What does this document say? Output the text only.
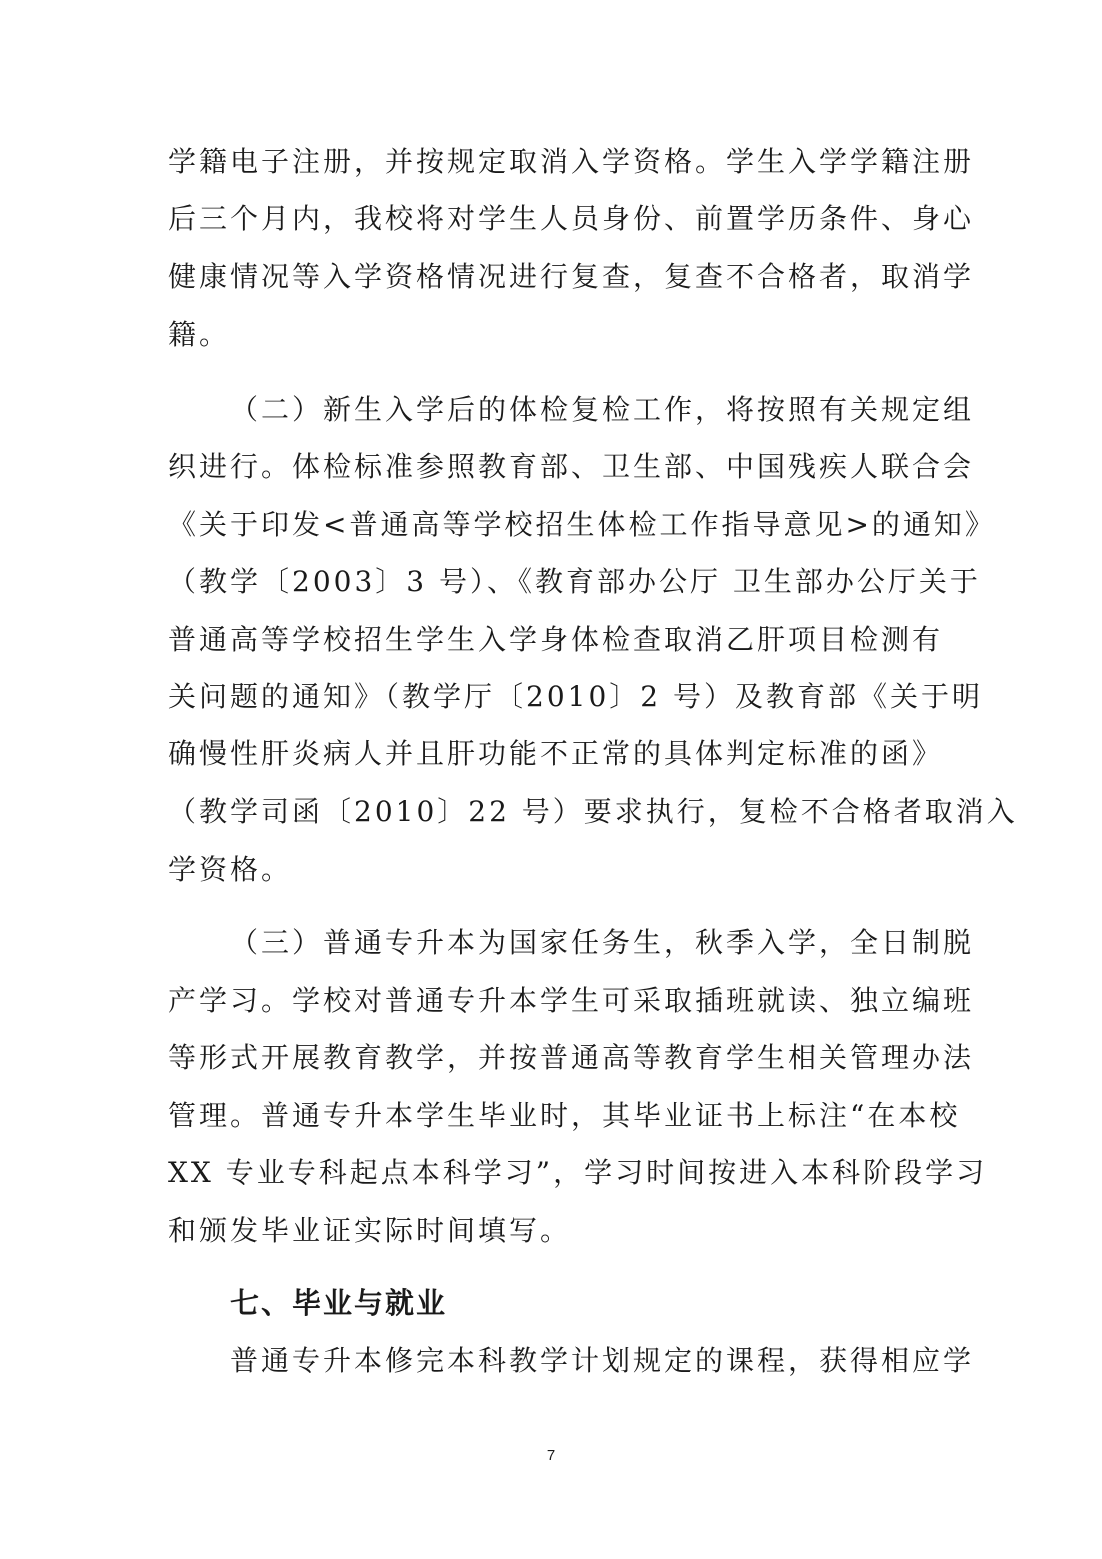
学籍电子注册，并按规定取消入学资格。学生入学学籍注册
后三个月内，我校将对学生人员身份、前置学历条件、身心
健康情况等入学资格情况进行复查，复查不合格者，取消学
籍。
（二）新生入学后的体检复检工作，将按照有关规定组
织进行。体检标准参照教育部、卫生部、中国残疾人联合会
《关于印发<普通高等学校招生体检工作指导意见>的通知》
（教学〔2003〕3 号）、《教育部办公厅 卫生部办公厅关于
普通高等学校招生学生入学身体检查取消乙肝项目检测有
关问题的通知》（教学厅〔2010〕2 号）及教育部《关于明
确慢性肝炎病人并且肝功能不正常的具体判定标准的函》
（教学司函〔2010〕22 号）要求执行，复检不合格者取消入
学资格。
（三）普通专升本为国家任务生，秋季入学，全日制脱
产学习。学校对普通专升本学生可采取插班就读、独立编班
等形式开展教育教学，并按普通高等教育学生相关管理办法
管理。普通专升本学生毕业时，其毕业证书上标注“在本校
XX 专业专科起点本科学习”，学习时间按进入本科阶段学习
和颁发毕业证实际时间填写。
七、毕业与就业
普通专升本修完本科教学计划规定的课程，获得相应学
7
